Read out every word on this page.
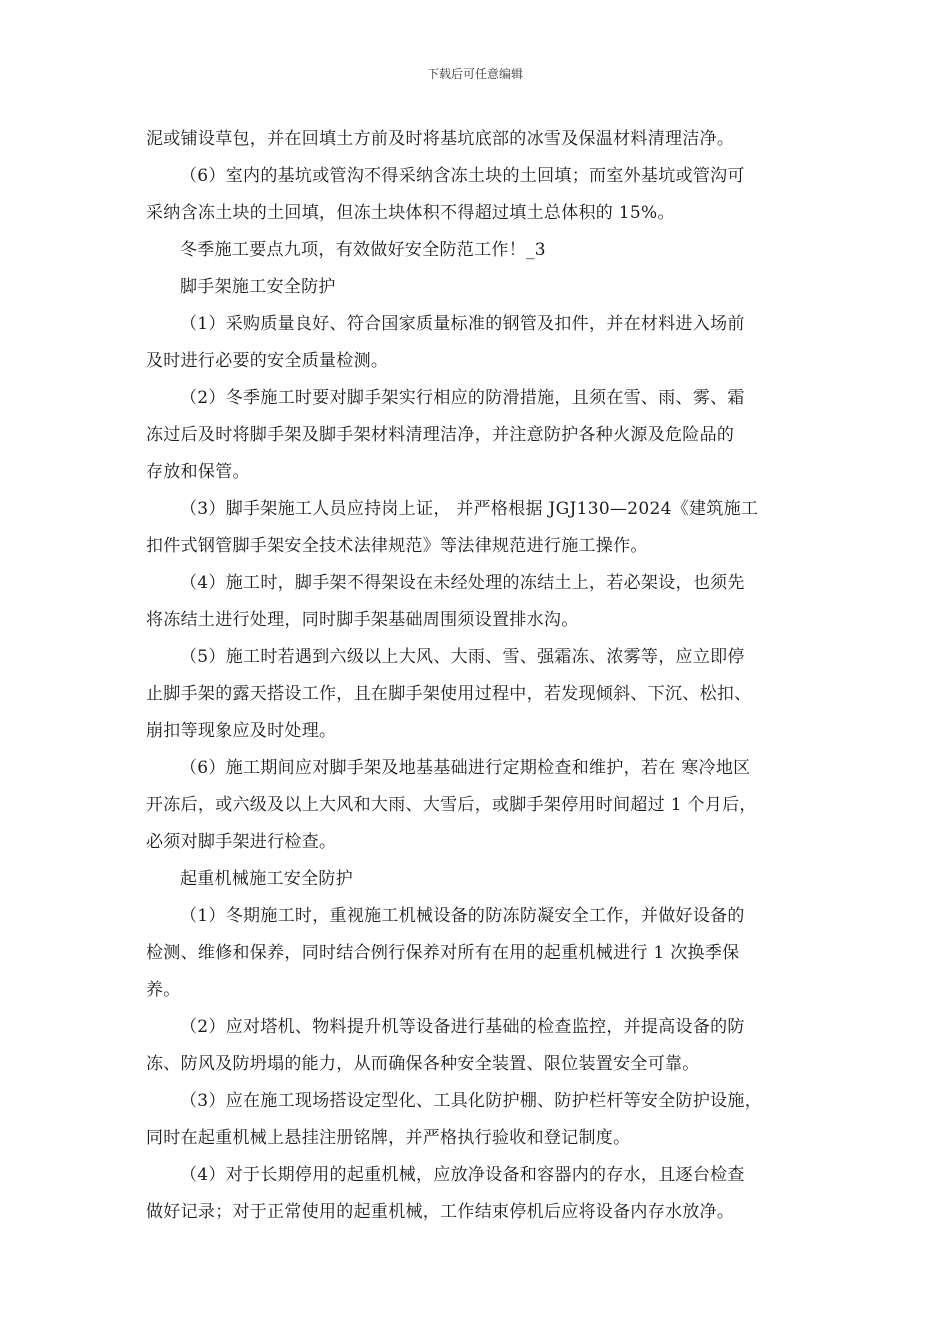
下载后可任意编辑
泥或铺设草包，并在回填土方前及时将基坑底部的冰雪及保温材料清理洁净。
（6）室内的基坑或管沟不得采纳含冻土块的土回填；而室外基坑或管沟可
采纳含冻土块的土回填，但冻土块体积不得超过填土总体积的 15%。
冬季施工要点九项，有效做好安全防范工作！_3
脚手架施工安全防护
（1）采购质量良好、符合国家质量标准的钢管及扣件，并在材料进入场前
及时进行必要的安全质量检测。
（2）冬季施工时要对脚手架实行相应的防滑措施，且须在雪、雨、雾、霜
冻过后及时将脚手架及脚手架材料清理洁净，并注意防护各种火源及危险品的
存放和保管。
（3）脚手架施工人员应持岗上证， 并严格根据 JGJ130—2024《建筑施工
扣件式钢管脚手架安全技术法律规范》等法律规范进行施工操作。
（4）施工时，脚手架不得架设在未经处理的冻结土上，若必架设，也须先
将冻结土进行处理，同时脚手架基础周围须设置排水沟。
（5）施工时若遇到六级以上大风、大雨、雪、强霜冻、浓雾等，应立即停
止脚手架的露天搭设工作，且在脚手架使用过程中，若发现倾斜、下沉、松扣、
崩扣等现象应及时处理。
（6）施工期间应对脚手架及地基基础进行定期检查和维护，若在 寒冷地区
开冻后，或六级及以上大风和大雨、大雪后，或脚手架停用时间超过 1 个月后，
必须对脚手架进行检查。
起重机械施工安全防护
（1）冬期施工时，重视施工机械设备的防冻防凝安全工作，并做好设备的
检测、维修和保养，同时结合例行保养对所有在用的起重机械进行 1 次换季保
养。
（2）应对塔机、物料提升机等设备进行基础的检查监控，并提高设备的防
冻、防风及防坍塌的能力，从而确保各种安全装置、限位装置安全可靠。
（3）应在施工现场搭设定型化、工具化防护棚、防护栏杆等安全防护设施，
同时在起重机械上悬挂注册铭牌，并严格执行验收和登记制度。
（4）对于长期停用的起重机械，应放净设备和容器内的存水，且逐台检查
做好记录；对于正常使用的起重机械，工作结束停机后应将设备内存水放净。
